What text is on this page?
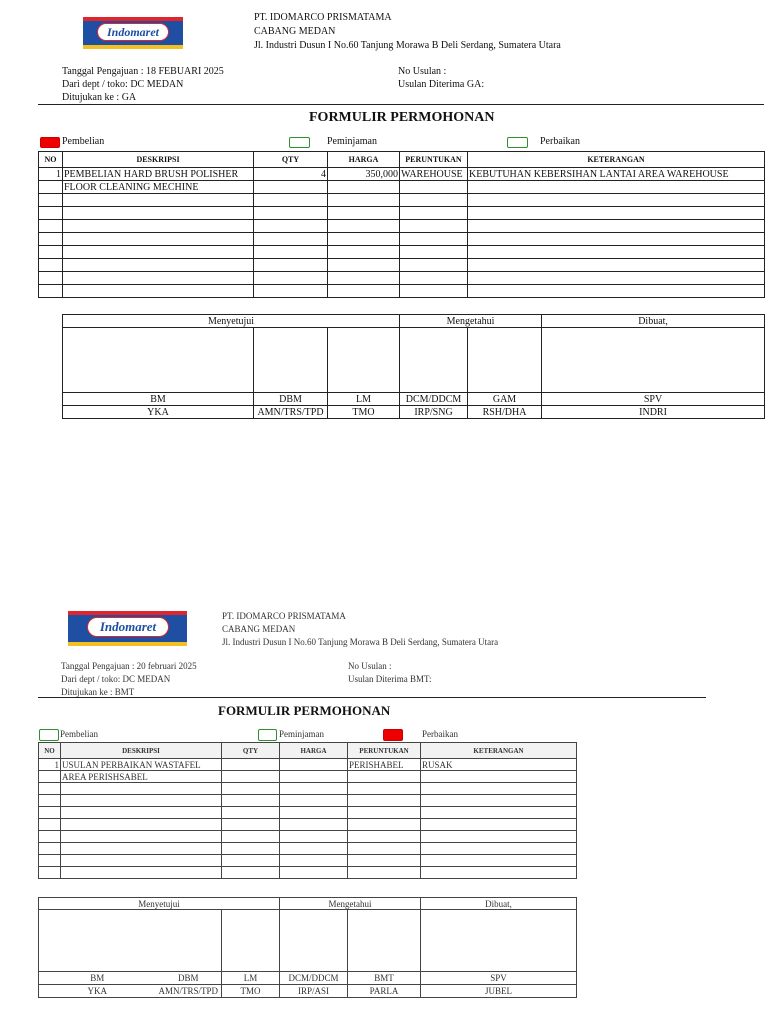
Indomaret
PT. IDOMARCO PRISMATAMA
CABANG MEDAN
Jl. Industri Dusun I No.60 Tanjung Morawa B Deli Serdang, Sumatera Utara
Tanggal Pengajuan : 18 FEBUARI 2025
Dari dept / toko: DC MEDAN
Ditujukan ke : GA
No Usulan :
Usulan Diterima GA:
FORMULIR PERMOHONAN
Pembelian	Peminjaman	Perbaikan
NO	DESKRIPSI	QTY	HARGA	PERUNTUKAN	KETERANGAN
1	PEMBELIAN HARD BRUSH POLISHER	4	350,000	WAREHOUSE	KEBUTUHAN KEBERSIHAN LANTAI AREA WAREHOUSE
	FLOOR CLEANING MECHINE				

Menyetujui			Mengetahui		Dibuat,

BM	DBM	LM	DCM/DDCM	GAM	SPV
YKA	AMN/TRS/TPD	TMO	IRP/SNG	RSH/DHA	INDRI
Indomaret
PT. IDOMARCO PRISMATAMA
CABANG MEDAN
Jl. Industri Dusun I No.60 Tanjung Morawa B Deli Serdang, Sumatera Utara
Tanggal Pengajuan : 20 februari 2025
Dari dept / toko: DC MEDAN
Ditujukan ke : BMT
No Usulan :
Usulan Diterima BMT:
FORMULIR PERMOHONAN
Pembelian	Peminjaman	Perbaikan
NO	DESKRIPSI	QTY	HARGA	PERUNTUKAN	KETERANGAN
1	USULAN PERBAIKAN WASTAFEL			PERISHABEL	RUSAK
	AREA PERISHSABEL				

Menyetujui			Mengetahui		Dibuat,

BM	DBM	LM	DCM/DDCM	BMT	SPV
YKA	AMN/TRS/TPD	TMO	IRP/ASI	PARLA	JUBEL
